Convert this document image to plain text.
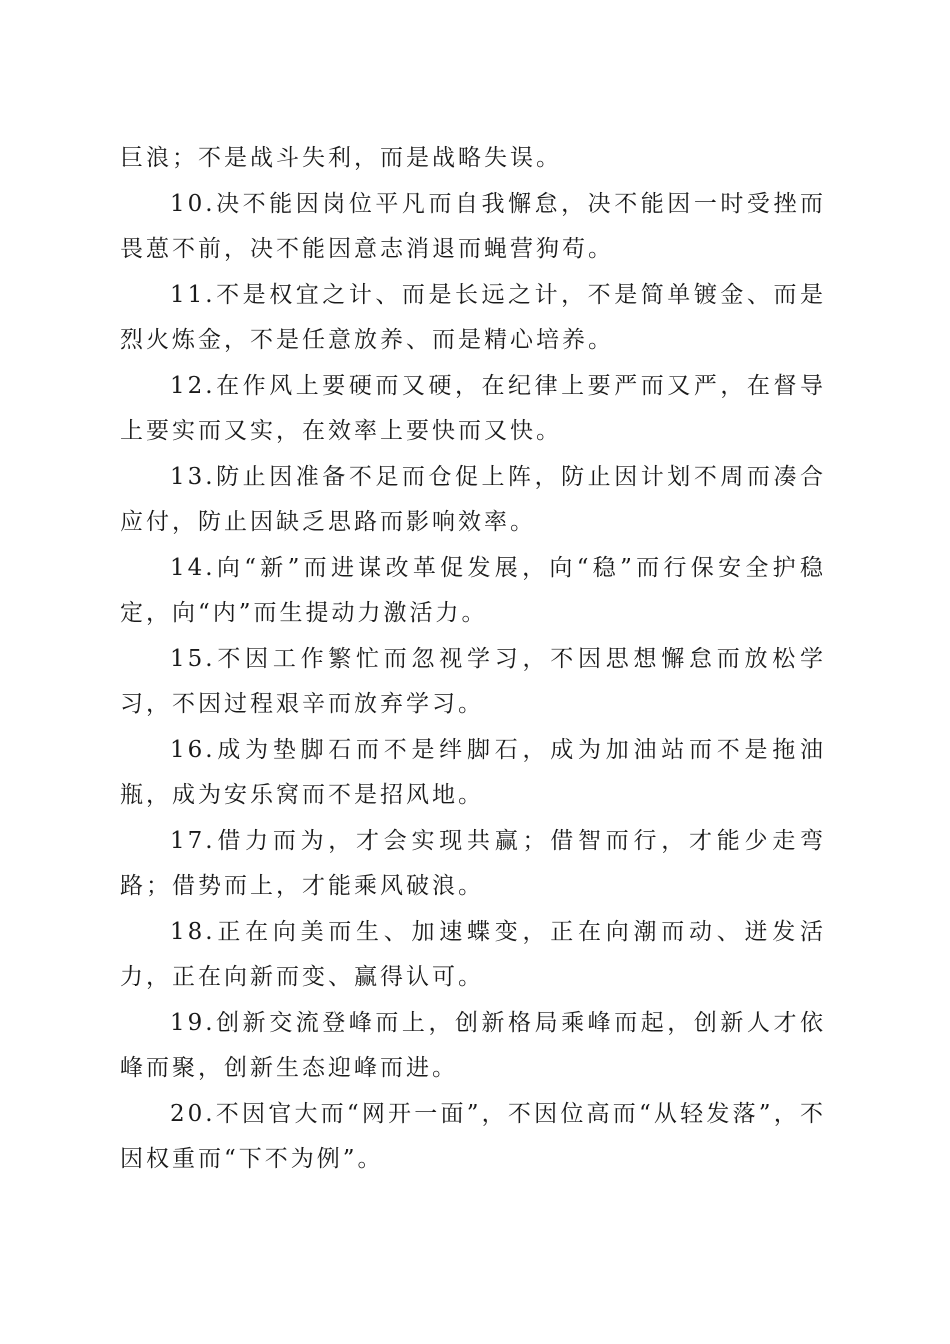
巨浪；不是战斗失利，而是战略失误。

10.决不能因岗位平凡而自我懈怠，决不能因一时受挫而畏葸不前，决不能因意志消退而蝇营狗苟。

11.不是权宜之计、而是长远之计，不是简单镀金、而是烈火炼金，不是任意放养、而是精心培养。

12.在作风上要硬而又硬，在纪律上要严而又严，在督导上要实而又实，在效率上要快而又快。

13.防止因准备不足而仓促上阵，防止因计划不周而凑合应付，防止因缺乏思路而影响效率。

14.向“新”而进谋改革促发展，向“稳”而行保安全护稳定，向“内”而生提动力激活力。

15.不因工作繁忙而忽视学习，不因思想懈怠而放松学习，不因过程艰辛而放弃学习。

16.成为垫脚石而不是绊脚石，成为加油站而不是拖油瓶，成为安乐窝而不是招风地。

17.借力而为，才会实现共赢；借智而行，才能少走弯路；借势而上，才能乘风破浪。

18.正在向美而生、加速蝶变，正在向潮而动、迸发活力，正在向新而变、赢得认可。

19.创新交流登峰而上，创新格局乘峰而起，创新人才依峰而聚，创新生态迎峰而进。

20.不因官大而“网开一面”，不因位高而“从轻发落”，不因权重而“下不为例”。
